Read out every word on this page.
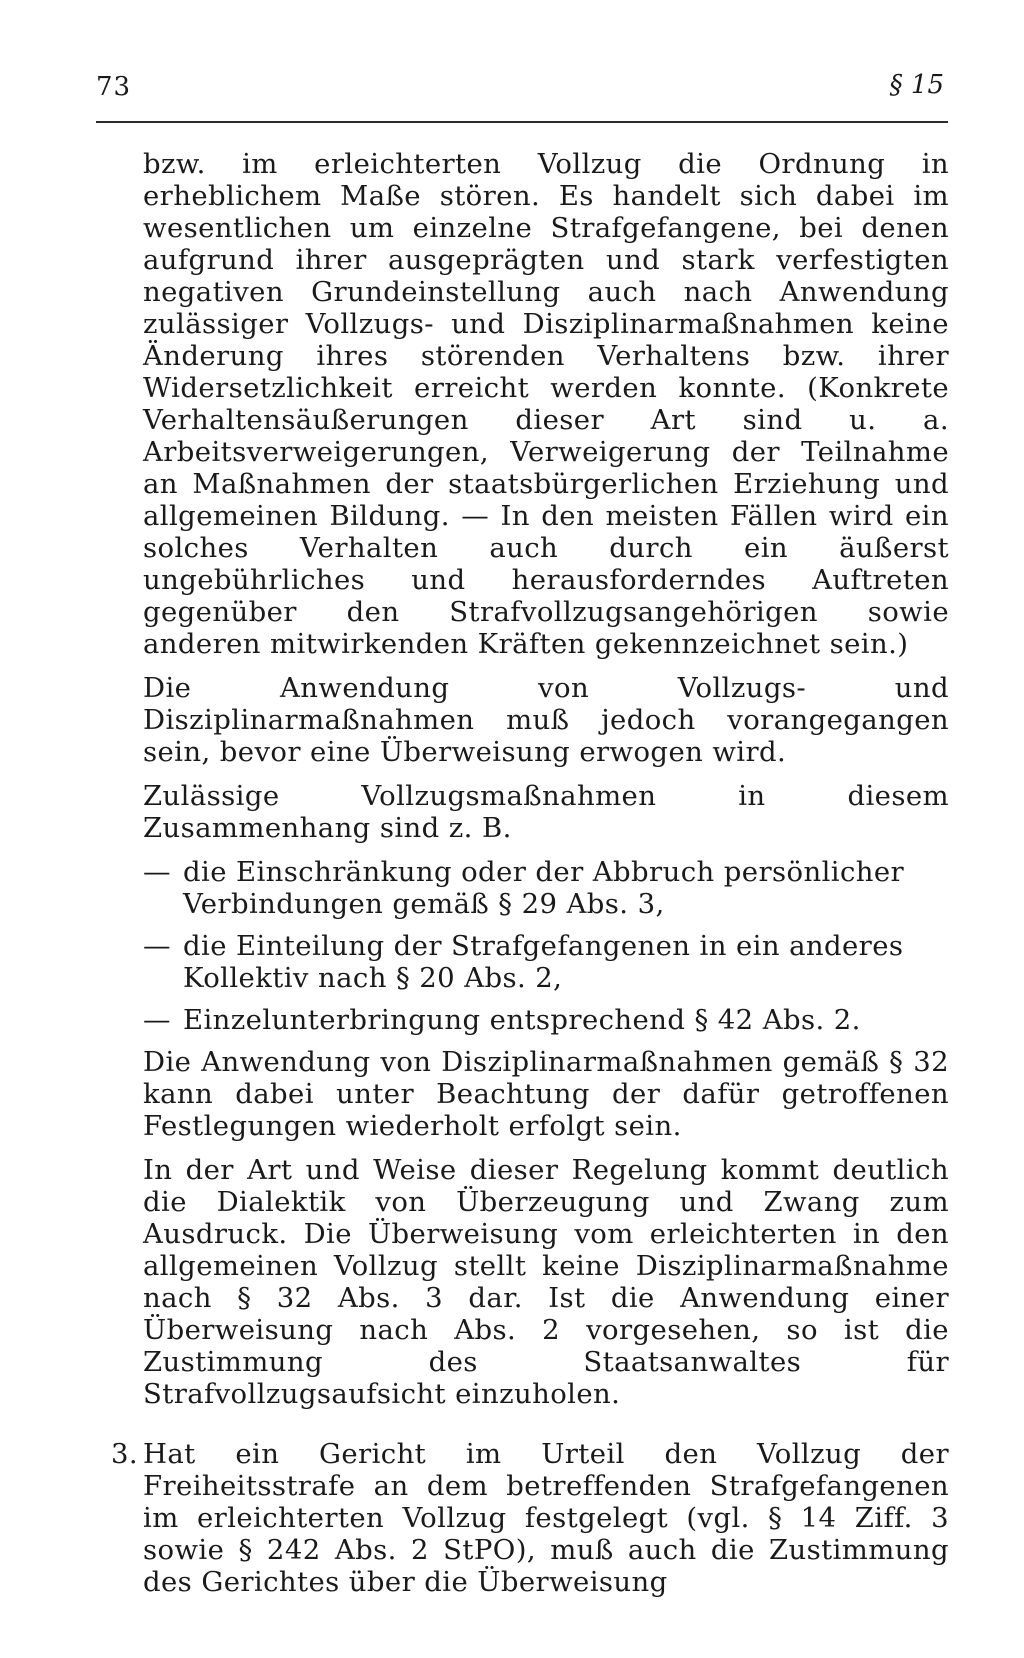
73	§ 15

bzw. im erleichterten Vollzug die Ordnung in erheblichem Maße stören. Es handelt sich dabei im wesentlichen um einzelne Strafgefangene, bei denen aufgrund ihrer ausgeprägten und stark verfestigten negativen Grundeinstellung auch nach Anwendung zulässiger Vollzugs- und Disziplinarmaßnahmen keine Änderung ihres störenden Verhaltens bzw. ihrer Widersetzlichkeit erreicht werden konnte. (Konkrete Verhaltensäußerungen dieser Art sind u. a. Arbeitsverweigerungen, Verweigerung der Teilnahme an Maßnahmen der staatsbürgerlichen Erziehung und allgemeinen Bildung. — In den meisten Fällen wird ein solches Verhalten auch durch ein äußerst ungebührliches und herausforderndes Auftreten gegenüber den Strafvollzugsangehörigen sowie anderen mitwirkenden Kräften gekennzeichnet sein.)

Die Anwendung von Vollzugs- und Disziplinarmaßnahmen muß jedoch vorangegangen sein, bevor eine Überweisung erwogen wird.

Zulässige Vollzugsmaßnahmen in diesem Zusammenhang sind z. B.

— die Einschränkung oder der Abbruch persönlicher Verbindungen gemäß § 29 Abs. 3,
— die Einteilung der Strafgefangenen in ein anderes Kollektiv nach § 20 Abs. 2,
— Einzelunterbringung entsprechend § 42 Abs. 2.

Die Anwendung von Disziplinarmaßnahmen gemäß § 32 kann dabei unter Beachtung der dafür getroffenen Festlegungen wiederholt erfolgt sein.

In der Art und Weise dieser Regelung kommt deutlich die Dialektik von Überzeugung und Zwang zum Ausdruck. Die Überweisung vom erleichterten in den allgemeinen Vollzug stellt keine Disziplinarmaßnahme nach § 32 Abs. 3 dar. Ist die Anwendung einer Überweisung nach Abs. 2 vorgesehen, so ist die Zustimmung des Staatsanwaltes für Strafvollzugsaufsicht einzuholen.

3. Hat ein Gericht im Urteil den Vollzug der Freiheitsstrafe an dem betreffenden Strafgefangenen im erleichterten Vollzug festgelegt (vgl. § 14 Ziff. 3 sowie § 242 Abs. 2 StPO), muß auch die Zustimmung des Gerichtes über die Überweisung
